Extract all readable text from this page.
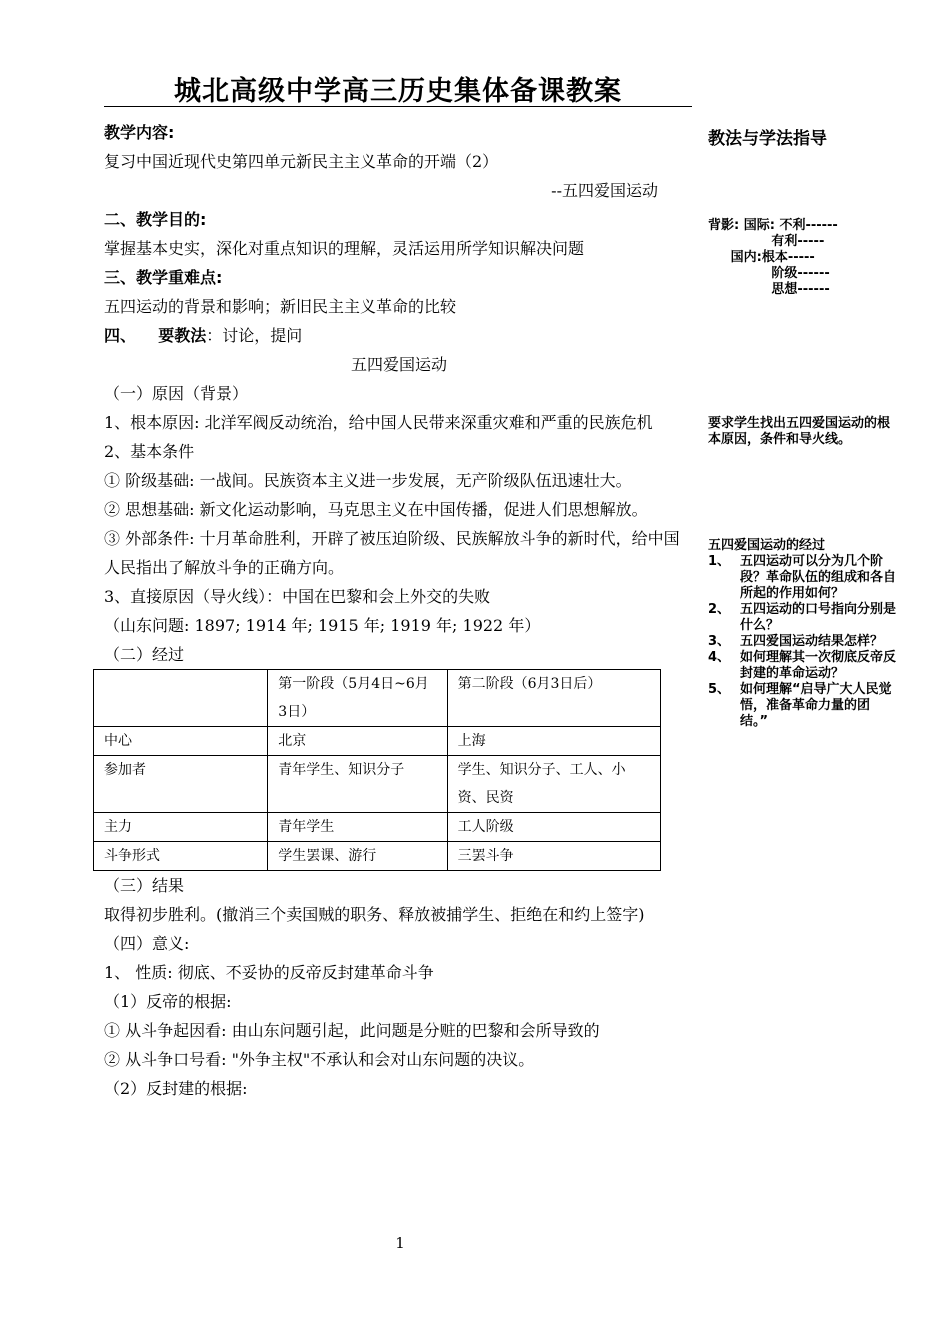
城北高级中学高三历史集体备课教案
教学内容:
复习中国近现代史第四单元新民主主义革命的开端（2）
--五四爱国运动
二、教学目的:
掌握基本史实，深化对重点知识的理解，灵活运用所学知识解决问题
三、教学重难点:
五四运动的背景和影响；新旧民主主义革命的比较
四、    要教法：讨论，提问
五四爱国运动
（一）原因（背景）
1、根本原因: 北洋军阀反动统治，给中国人民带来深重灾难和严重的民族危机
2、基本条件
① 阶级基础: 一战间。民族资本主义进一步发展，无产阶级队伍迅速壮大。
② 思想基础: 新文化运动影响，马克思主义在中国传播，促进人们思想解放。
③ 外部条件: 十月革命胜利，开辟了被压迫阶级、民族解放斗争的新时代，给中国人民指出了解放斗争的正确方向。
3、直接原因（导火线）：中国在巴黎和会上外交的失败
（山东问题: 1897; 1914 年; 1915 年; 1919 年; 1922 年）
（二）经过
	第一阶段（5月4日~6月3日）	第二阶段（6月3日后）
中心	北京	上海
参加者	青年学生、知识分子	学生、知识分子、工人、小资、民资
主力	青年学生	工人阶级
斗争形式	学生罢课、游行	三罢斗争
（三）结果
取得初步胜利。(撤消三个卖国贼的职务、释放被捕学生、拒绝在和约上签字)
（四）意义:
1、 性质: 彻底、不妥协的反帝反封建革命斗争
（1）反帝的根据:
① 从斗争起因看: 由山东问题引起，此问题是分赃的巴黎和会所导致的
② 从斗争口号看: "外争主权"不承认和会对山东问题的决议。
（2）反封建的根据:
教法与学法指导
背影: 国际: 不利------
有利-----
国内:根本-----
阶级------
思想------
要求学生找出五四爱国运动的根本原因，条件和导火线。
五四爱国运动的经过
1、 五四运动可以分为几个阶段？革命队伍的组成和各自所起的作用如何？
2、 五四运动的口号指向分别是什么？
3、 五四爱国运动结果怎样？
4、 如何理解其一次彻底反帝反封建的革命运动？
5、 如何理解“启导广大人民觉悟，准备革命力量的团结。”
1
